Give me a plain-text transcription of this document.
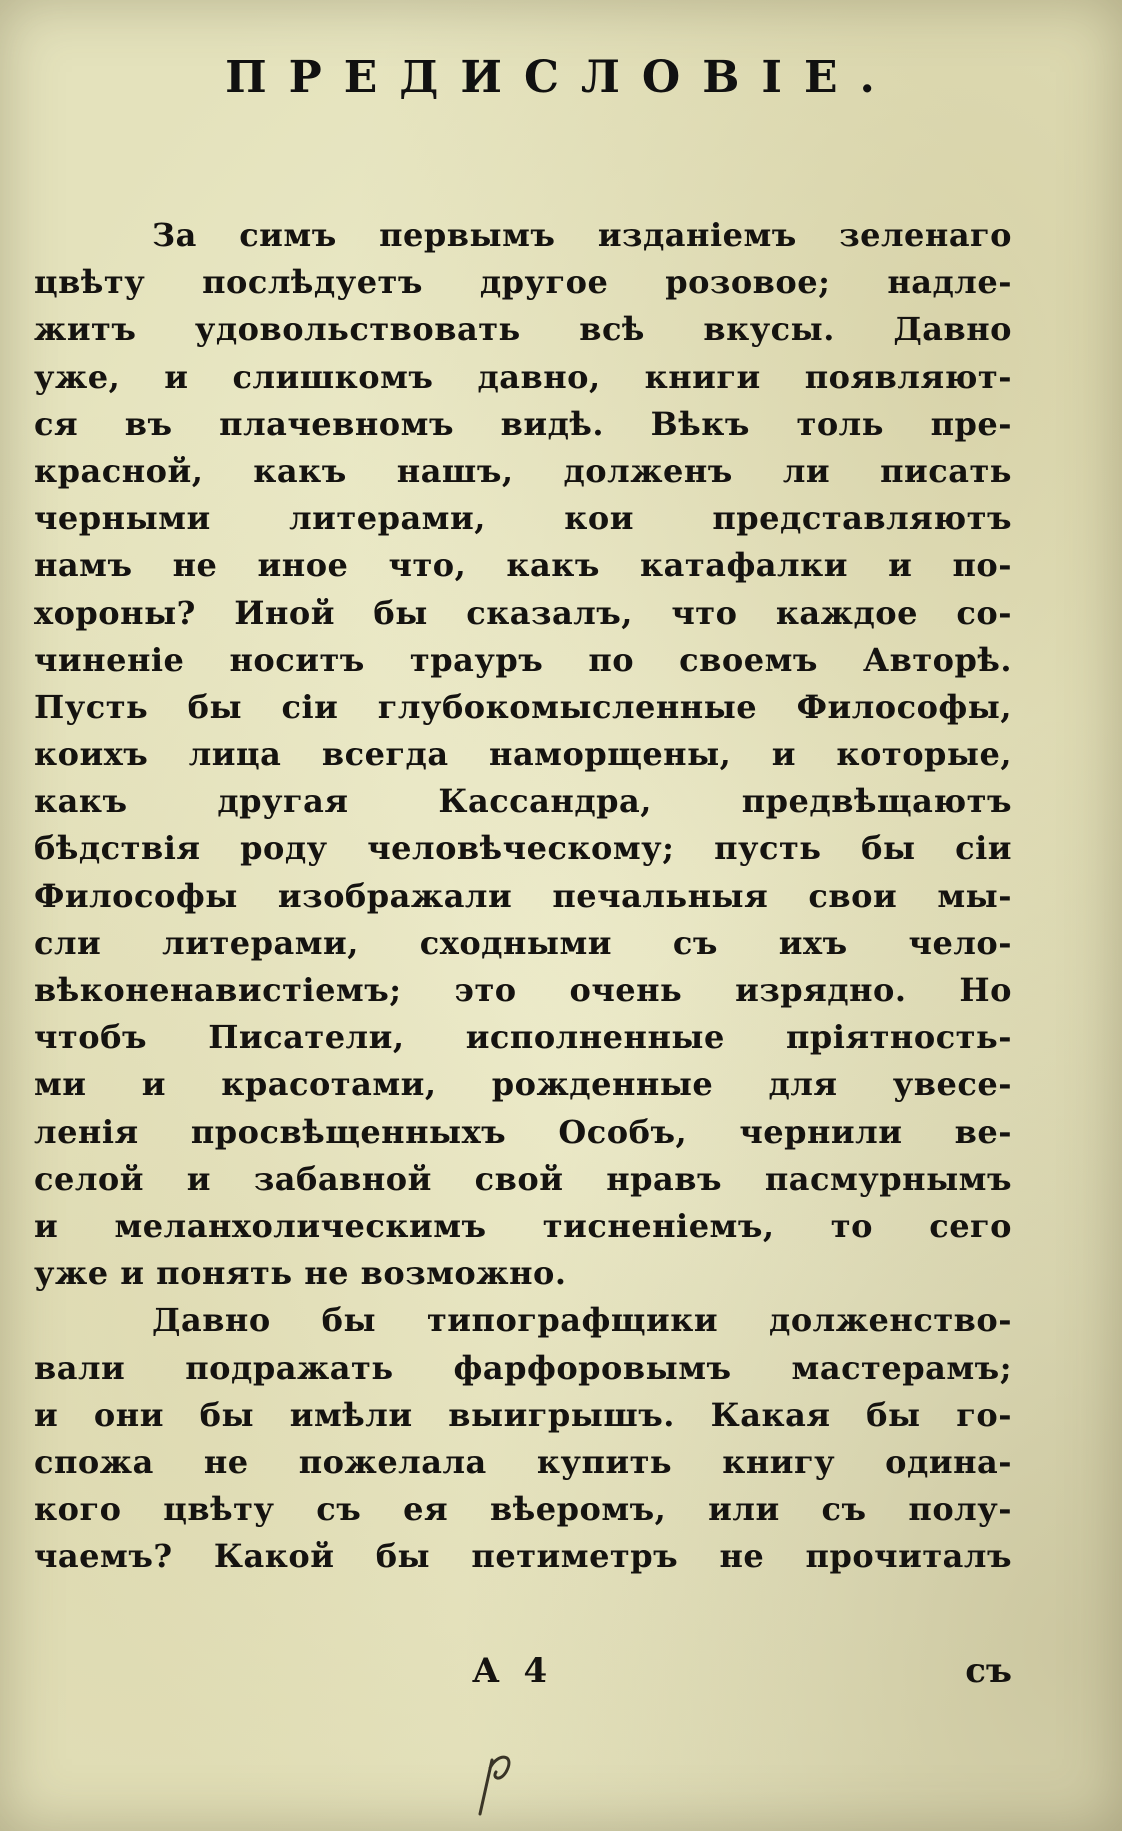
ПРЕДИСЛОВІЕ.
За симъ первымъ изданіемъ зеленаго
цвѣту послѣдуетъ другое розовое; надле-
житъ удовольствовать всѣ вкусы. Давно
уже, и слишкомъ давно, книги появляют-
ся въ плачевномъ видѣ. Вѣкъ толь пре-
красной, какъ нашъ, долженъ ли писать
черными литерами, кои представляютъ
намъ не иное что, какъ катафалки и по-
хороны? Иной бы сказалъ, что каждое со-
чиненіе носитъ трауръ по своемъ Авторѣ.
Пусть бы сіи глубокомысленные Философы,
коихъ лица всегда наморщены, и которые,
какъ другая Кассандра, предвѣщаютъ
бѣдствія роду человѣческому; пусть бы сіи
Философы изображали печальныя свои мы-
сли литерами, сходными съ ихъ чело-
вѣконенавистіемъ; это очень изрядно. Но
чтобъ Писатели, исполненные пріятность-
ми и красотами, рожденные для увесе-
ленія просвѣщенныхъ Особъ, чернили ве-
селой и забавной свой нравъ пасмурнымъ
и меланхолическимъ тисненіемъ, то сего
уже и понять не возможно.
Давно бы типографщики долженство-
вали подражать фарфоровымъ мастерамъ;
и они бы имѣли выигрышъ. Какая бы го-
спожа не пожелала купить книгу одина-
кого цвѣту съ ея вѣеромъ, или съ полу-
чаемъ? Какой бы петиметръ не прочиталъ
А 4	съ
